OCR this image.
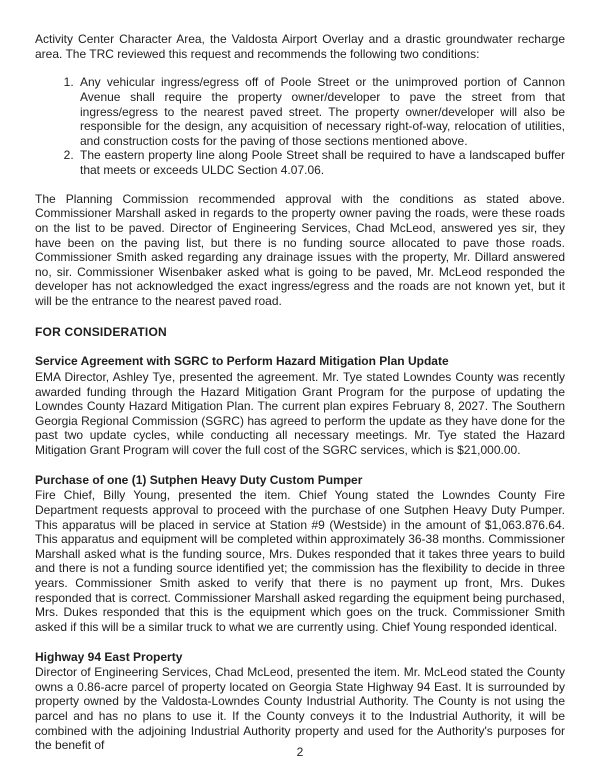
Activity Center Character Area, the Valdosta Airport Overlay and a drastic groundwater recharge area. The TRC reviewed this request and recommends the following two conditions:

1. Any vehicular ingress/egress off of Poole Street or the unimproved portion of Cannon Avenue shall require the property owner/developer to pave the street from that ingress/egress to the nearest paved street. The property owner/developer will also be responsible for the design, any acquisition of necessary right-of-way, relocation of utilities, and construction costs for the paving of those sections mentioned above.
2. The eastern property line along Poole Street shall be required to have a landscaped buffer that meets or exceeds ULDC Section 4.07.06.

The Planning Commission recommended approval with the conditions as stated above. Commissioner Marshall asked in regards to the property owner paving the roads, were these roads on the list to be paved. Director of Engineering Services, Chad McLeod, answered yes sir, they have been on the paving list, but there is no funding source allocated to pave those roads. Commissioner Smith asked regarding any drainage issues with the property, Mr. Dillard answered no, sir. Commissioner Wisenbaker asked what is going to be paved, Mr. McLeod responded the developer has not acknowledged the exact ingress/egress and the roads are not known yet, but it will be the entrance to the nearest paved road.

FOR CONSIDERATION
Service Agreement with SGRC to Perform Hazard Mitigation Plan Update

EMA Director, Ashley Tye, presented the agreement. Mr. Tye stated Lowndes County was recently awarded funding through the Hazard Mitigation Grant Program for the purpose of updating the Lowndes County Hazard Mitigation Plan. The current plan expires February 8, 2027. The Southern Georgia Regional Commission (SGRC) has agreed to perform the update as they have done for the past two update cycles, while conducting all necessary meetings. Mr. Tye stated the Hazard Mitigation Grant Program will cover the full cost of the SGRC services, which is $21,000.00.

Purchase of one (1) Sutphen Heavy Duty Custom Pumper

Fire Chief, Billy Young, presented the item. Chief Young stated the Lowndes County Fire Department requests approval to proceed with the purchase of one Sutphen Heavy Duty Pumper. This apparatus will be placed in service at Station #9 (Westside) in the amount of $1,063.876.64. This apparatus and equipment will be completed within approximately 36-38 months. Commissioner Marshall asked what is the funding source, Mrs. Dukes responded that it takes three years to build and there is not a funding source identified yet; the commission has the flexibility to decide in three years. Commissioner Smith asked to verify that there is no payment up front, Mrs. Dukes responded that is correct. Commissioner Marshall asked regarding the equipment being purchased, Mrs. Dukes responded that this is the equipment which goes on the truck. Commissioner Smith asked if this will be a similar truck to what we are currently using. Chief Young responded identical.

Highway 94 East Property

Director of Engineering Services, Chad McLeod, presented the item. Mr. McLeod stated the County owns a 0.86-acre parcel of property located on Georgia State Highway 94 East. It is surrounded by property owned by the Valdosta-Lowndes County Industrial Authority. The County is not using the parcel and has no plans to use it. If the County conveys it to the Industrial Authority, it will be combined with the adjoining Industrial Authority property and used for the Authority's purposes for the benefit of

2
